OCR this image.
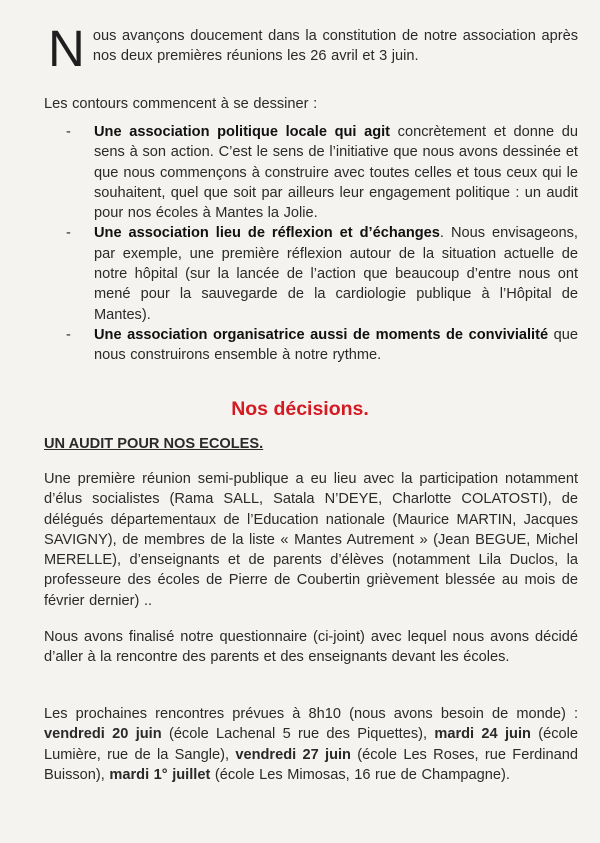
Nous avançons doucement dans la constitution de notre association après nos deux premières réunions les 26 avril et 3 juin.
Les contours commencent à se dessiner :
- Une association politique locale qui agit concrètement et donne du sens à son action. C’est le sens de l’initiative que nous avons dessinée et que nous commençons à construire avec toutes celles et tous ceux qui le souhaitent, quel que soit par ailleurs leur engagement politique : un audit pour nos écoles à Mantes la Jolie.
- Une association lieu de réflexion et d’échanges. Nous envisageons, par exemple, une première réflexion autour de la situation actuelle de notre hôpital (sur la lancée de l’action que beaucoup d’entre nous ont mené pour la sauvegarde de la cardiologie publique à l’Hôpital de Mantes).
- Une association organisatrice aussi de moments de convivialité que nous construirons ensemble à notre rythme.
Nos décisions.
UN AUDIT POUR NOS ECOLES.
Une première réunion semi-publique a eu lieu avec la participation notamment d’élus socialistes (Rama SALL, Satala N’DEYE, Charlotte COLATOSTI), de délégués départementaux de l’Education nationale (Maurice MARTIN, Jacques SAVIGNY), de membres de la liste « Mantes Autrement » (Jean BEGUE, Michel MERELLE), d’enseignants et de parents d’élèves (notamment Lila Duclos, la professeure des écoles de Pierre de Coubertin grièvement blessée au mois de février dernier) ..
Nous avons finalisé notre questionnaire (ci-joint) avec lequel nous avons décidé d’aller à la rencontre des parents et des enseignants devant les écoles.
Les prochaines rencontres prévues à 8h10 (nous avons besoin de monde) : vendredi 20 juin (école Lachenal 5 rue des Piquettes), mardi 24 juin (école Lumière, rue de la Sangle), vendredi 27 juin (école Les Roses, rue Ferdinand Buisson), mardi 1° juillet (école Les Mimosas, 16 rue de Champagne).
